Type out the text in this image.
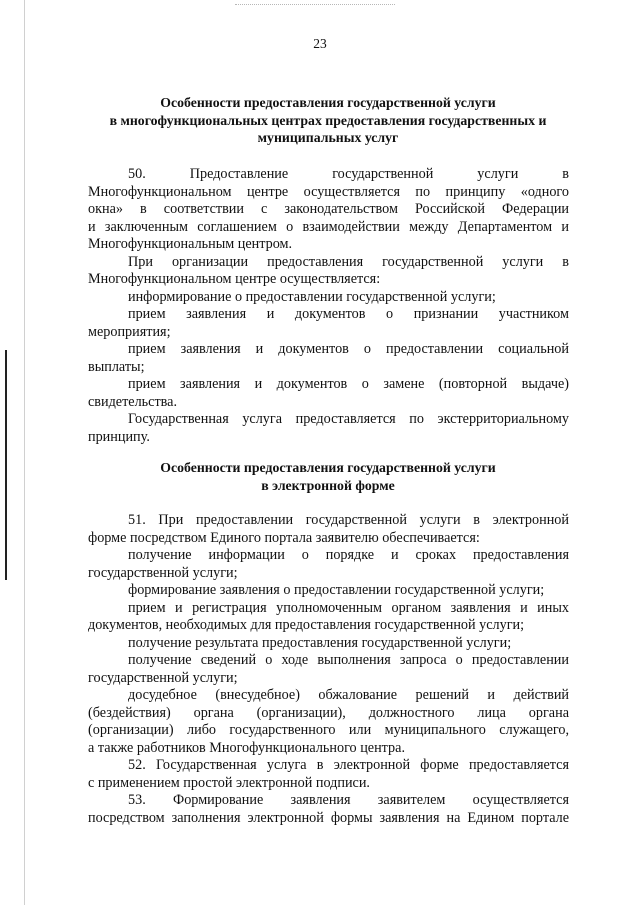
23
Особенности предоставления государственной услуги
в многофункциональных центрах предоставления государственных и
муниципальных услуг
50. Предоставление государственной услуги в
Многофункциональном центре осуществляется по принципу «одного
окна» в соответствии с законодательством Российской Федерации
и заключенным соглашением о взаимодействии между Департаментом и
Многофункциональным центром.
При организации предоставления государственной услуги в
Многофункциональном центре осуществляется:
информирование о предоставлении государственной услуги;
прием заявления и документов о признании участником
мероприятия;
прием заявления и документов о предоставлении социальной
выплаты;
прием заявления и документов о замене (повторной выдаче)
свидетельства.
Государственная услуга предоставляется по экстерриториальному
принципу.
Особенности предоставления государственной услуги
в электронной форме
51. При предоставлении государственной услуги в электронной
форме посредством Единого портала заявителю обеспечивается:
получение информации о порядке и сроках предоставления
государственной услуги;
формирование заявления о предоставлении государственной услуги;
прием и регистрация уполномоченным органом заявления и иных
документов, необходимых для предоставления государственной услуги;
получение результата предоставления государственной услуги;
получение сведений о ходе выполнения запроса о предоставлении
государственной услуги;
досудебное (внесудебное) обжалование решений и действий
(бездействия) органа (организации), должностного лица органа
(организации) либо государственного или муниципального служащего,
а также работников Многофункционального центра.
52. Государственная услуга в электронной форме предоставляется
с применением простой электронной подписи.
53. Формирование заявления заявителем осуществляется
посредством заполнения электронной формы заявления на Едином портале
